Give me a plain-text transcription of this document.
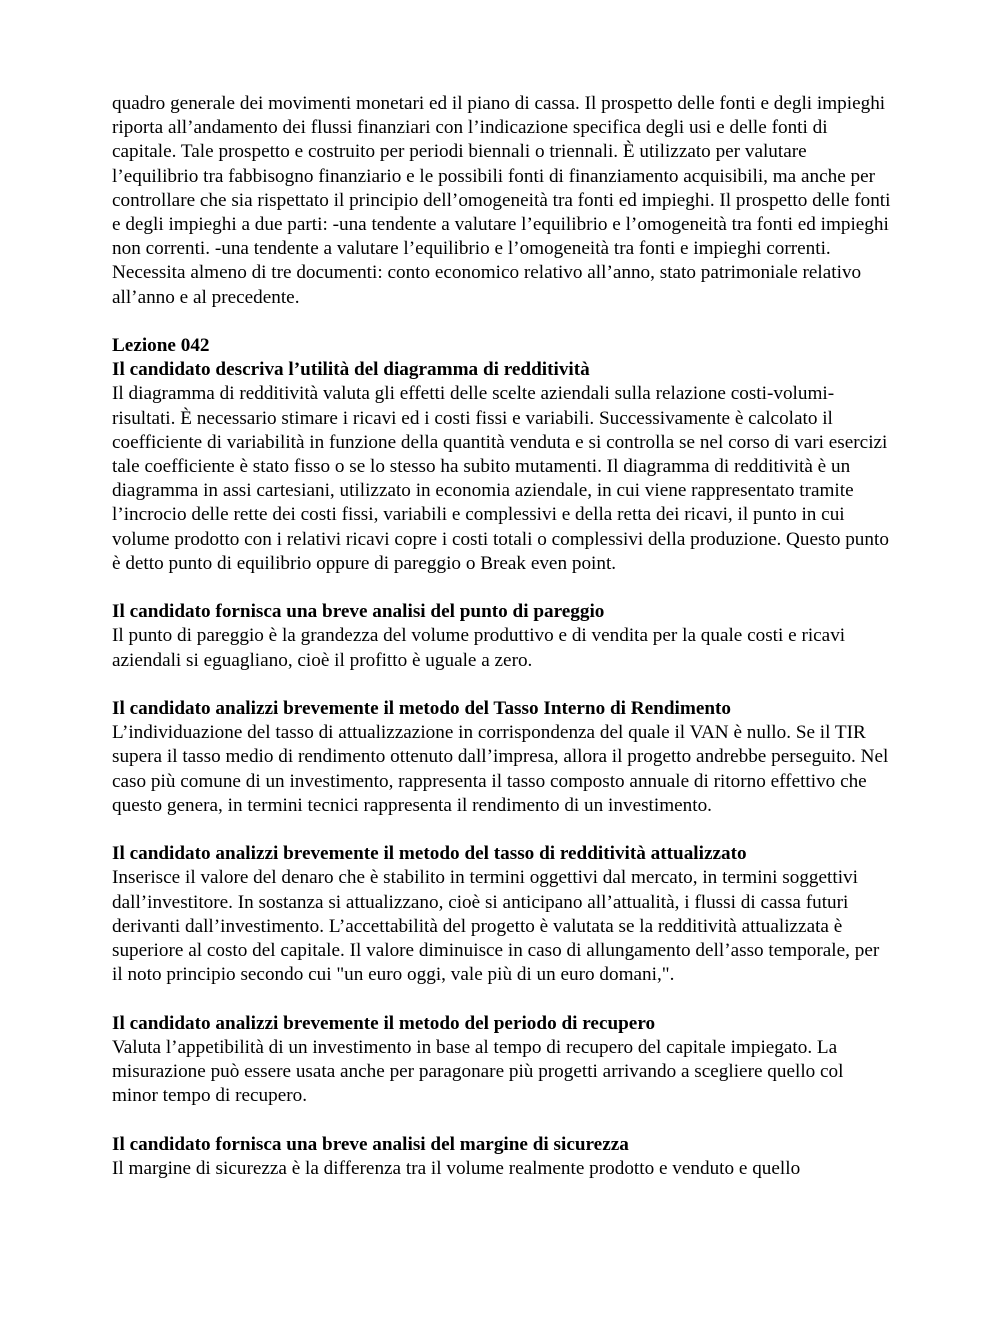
quadro generale dei movimenti monetari ed il piano di cassa. Il prospetto delle fonti e degli impieghi riporta all’andamento dei flussi finanziari con l’indicazione specifica degli usi e delle fonti di capitale. Tale prospetto e costruito per periodi biennali o triennali. È utilizzato per valutare l’equilibrio tra fabbisogno finanziario e le possibili fonti di finanziamento acquisibili, ma anche per controllare che sia rispettato il principio dell’omogeneità tra fonti ed impieghi. Il prospetto delle fonti e degli impieghi a due parti: -una tendente a valutare l’equilibrio e l’omogeneità tra fonti ed impieghi non correnti. -una tendente a valutare l’equilibrio e l’omogeneità tra fonti e impieghi correnti. Necessita almeno di tre documenti: conto economico relativo all’anno, stato patrimoniale relativo all’anno e al precedente.

Lezione 042

Il candidato descriva l’utilità del diagramma di redditività

Il diagramma di redditività valuta gli effetti delle scelte aziendali sulla relazione costi-volumi-risultati. È necessario stimare i ricavi ed i costi fissi e variabili. Successivamente è calcolato il coefficiente di variabilità in funzione della quantità venduta e si controlla se nel corso di vari esercizi tale coefficiente è stato fisso o se lo stesso ha subito mutamenti. Il diagramma di redditività è un diagramma in assi cartesiani, utilizzato in economia aziendale, in cui viene rappresentato tramite l’incrocio delle rette dei costi fissi, variabili e complessivi e della retta dei ricavi, il punto in cui volume prodotto con i relativi ricavi copre i costi totali o complessivi della produzione. Questo punto è detto punto di equilibrio oppure di pareggio o Break even point.

Il candidato fornisca una breve analisi del punto di pareggio

Il punto di pareggio è la grandezza del volume produttivo e di vendita per la quale costi e ricavi aziendali si eguagliano, cioè il profitto è uguale a zero.

Il candidato analizzi brevemente il metodo del Tasso Interno di Rendimento

L’individuazione del tasso di attualizzazione in corrispondenza del quale il VAN è nullo. Se il TIR supera il tasso medio di rendimento ottenuto dall’impresa, allora il progetto andrebbe perseguito. Nel caso più comune di un investimento, rappresenta il tasso composto annuale di ritorno effettivo che questo genera, in termini tecnici rappresenta il rendimento di un investimento.

Il candidato analizzi brevemente il metodo del tasso di redditività attualizzato

Inserisce il valore del denaro che è stabilito in termini oggettivi dal mercato, in termini soggettivi dall’investitore. In sostanza si attualizzano, cioè si anticipano all’attualità, i flussi di cassa futuri derivanti dall’investimento. L’accettabilità del progetto è valutata se la redditività attualizzata è superiore al costo del capitale. Il valore diminuisce in caso di allungamento dell’asso temporale, per il noto principio secondo cui "un euro oggi, vale più di un euro domani,".

Il candidato analizzi brevemente il metodo del periodo di recupero

Valuta l’appetibilità di un investimento in base al tempo di recupero del capitale impiegato. La misurazione può essere usata anche per paragonare più progetti arrivando a scegliere quello col minor tempo di recupero.

Il candidato fornisca una breve analisi del margine di sicurezza

Il margine di sicurezza è la differenza tra il volume realmente prodotto e venduto e quello
